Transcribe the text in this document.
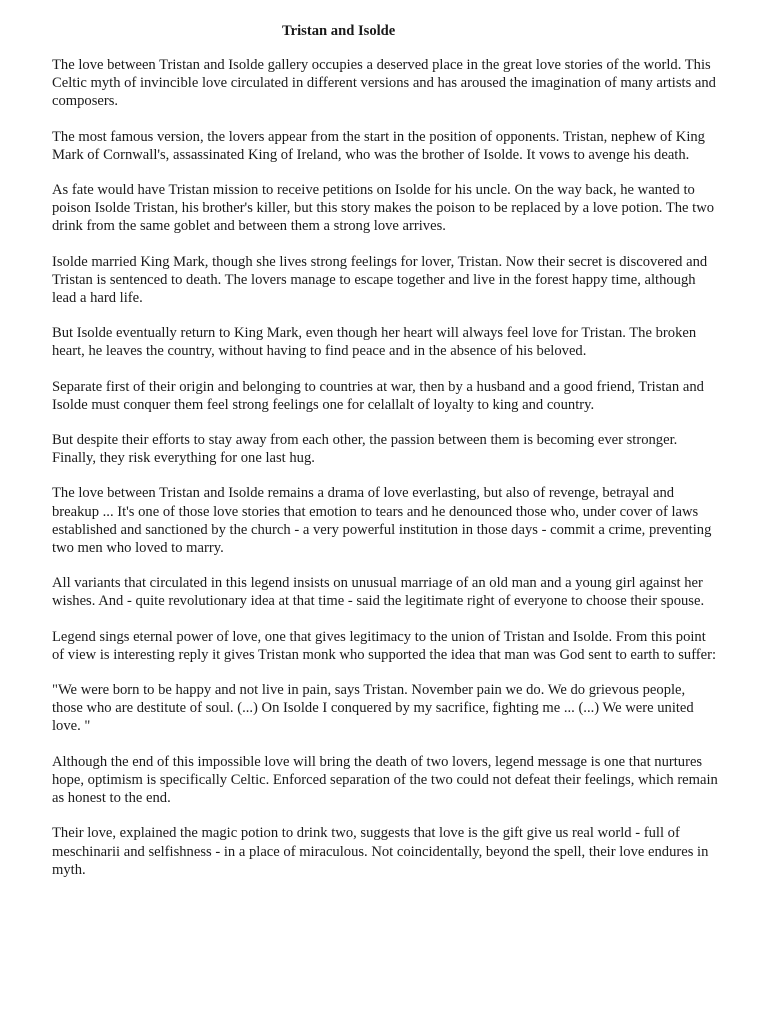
Tristan and Isolde

The love between Tristan and Isolde gallery occupies a deserved place in the great love stories of the world. This Celtic myth of invincible love circulated in different versions and has aroused the imagination of many artists and composers.

The most famous version, the lovers appear from the start in the position of opponents. Tristan, nephew of King Mark of Cornwall's, assassinated King of Ireland, who was the brother of Isolde. It vows to avenge his death.

As fate would have Tristan mission to receive petitions on Isolde for his uncle. On the way back, he wanted to poison Isolde Tristan, his brother's killer, but this story makes the poison to be replaced by a love potion. The two drink from the same goblet and between them a strong love arrives.

Isolde married King Mark, though she lives strong feelings for lover, Tristan. Now their secret is discovered and Tristan is sentenced to death. The lovers manage to escape together and live in the forest happy time, although lead a hard life.

But Isolde eventually return to King Mark, even though her heart will always feel love for Tristan. The broken heart, he leaves the country, without having to find peace and in the absence of his beloved.

Separate first of their origin and belonging to countries at war, then by a husband and a good friend, Tristan and Isolde must conquer them feel strong feelings one for celallalt of loyalty to king and country.

But despite their efforts to stay away from each other, the passion between them is becoming ever stronger. Finally, they risk everything for one last hug.

The love between Tristan and Isolde remains a drama of love everlasting, but also of revenge, betrayal and breakup ... It's one of those love stories that emotion to tears and he denounced those who, under cover of laws established and sanctioned by the church - a very powerful institution in those days - commit a crime, preventing two men who loved to marry.

All variants that circulated in this legend insists on unusual marriage of an old man and a young girl against her wishes. And - quite revolutionary idea at that time - said the legitimate right of everyone to choose their spouse.

Legend sings eternal power of love, one that gives legitimacy to the union of Tristan and Isolde. From this point of view is interesting reply it gives Tristan monk who supported the idea that man was God sent to earth to suffer:

"We were born to be happy and not live in pain, says Tristan. November pain we do. We do grievous people, those who are destitute of soul. (...) On Isolde I conquered by my sacrifice, fighting me ... (...) We were united love. "

Although the end of this impossible love will bring the death of two lovers, legend message is one that nurtures hope, optimism is specifically Celtic. Enforced separation of the two could not defeat their feelings, which remain as honest to the end.

Their love, explained the magic potion to drink two, suggests that love is the gift give us real world - full of meschinarii and selfishness - in a place of miraculous. Not coincidentally, beyond the spell, their love endures in myth.
